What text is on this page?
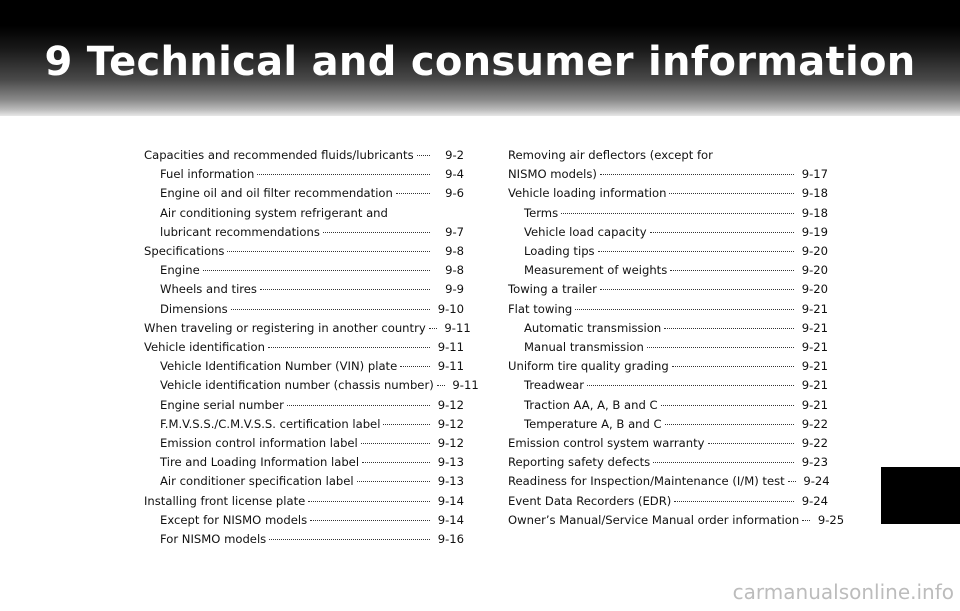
9 Technical and consumer information
Capacities and recommended fluids/lubricants	9-2
Fuel information	9-4
Engine oil and oil filter recommendation	9-6
Air conditioning system refrigerant and
lubricant recommendations	9-7
Specifications	9-8
Engine	9-8
Wheels and tires	9-9
Dimensions	9-10
When traveling or registering in another country	9-11
Vehicle identification	9-11
Vehicle Identification Number (VIN) plate	9-11
Vehicle identification number (chassis number)	9-11
Engine serial number	9-12
F.M.V.S.S./C.M.V.S.S. certification label	9-12
Emission control information label	9-12
Tire and Loading Information label	9-13
Air conditioner specification label	9-13
Installing front license plate	9-14
Except for NISMO models	9-14
For NISMO models	9-16
Removing air deflectors (except for
NISMO models)	9-17
Vehicle loading information	9-18
Terms	9-18
Vehicle load capacity	9-19
Loading tips	9-20
Measurement of weights	9-20
Towing a trailer	9-20
Flat towing	9-21
Automatic transmission	9-21
Manual transmission	9-21
Uniform tire quality grading	9-21
Treadwear	9-21
Traction AA, A, B and C	9-21
Temperature A, B and C	9-22
Emission control system warranty	9-22
Reporting safety defects	9-23
Readiness for Inspection/Maintenance (I/M) test	9-24
Event Data Recorders (EDR)	9-24
Owner’s Manual/Service Manual order information	9-25
carmanualsonline.info
